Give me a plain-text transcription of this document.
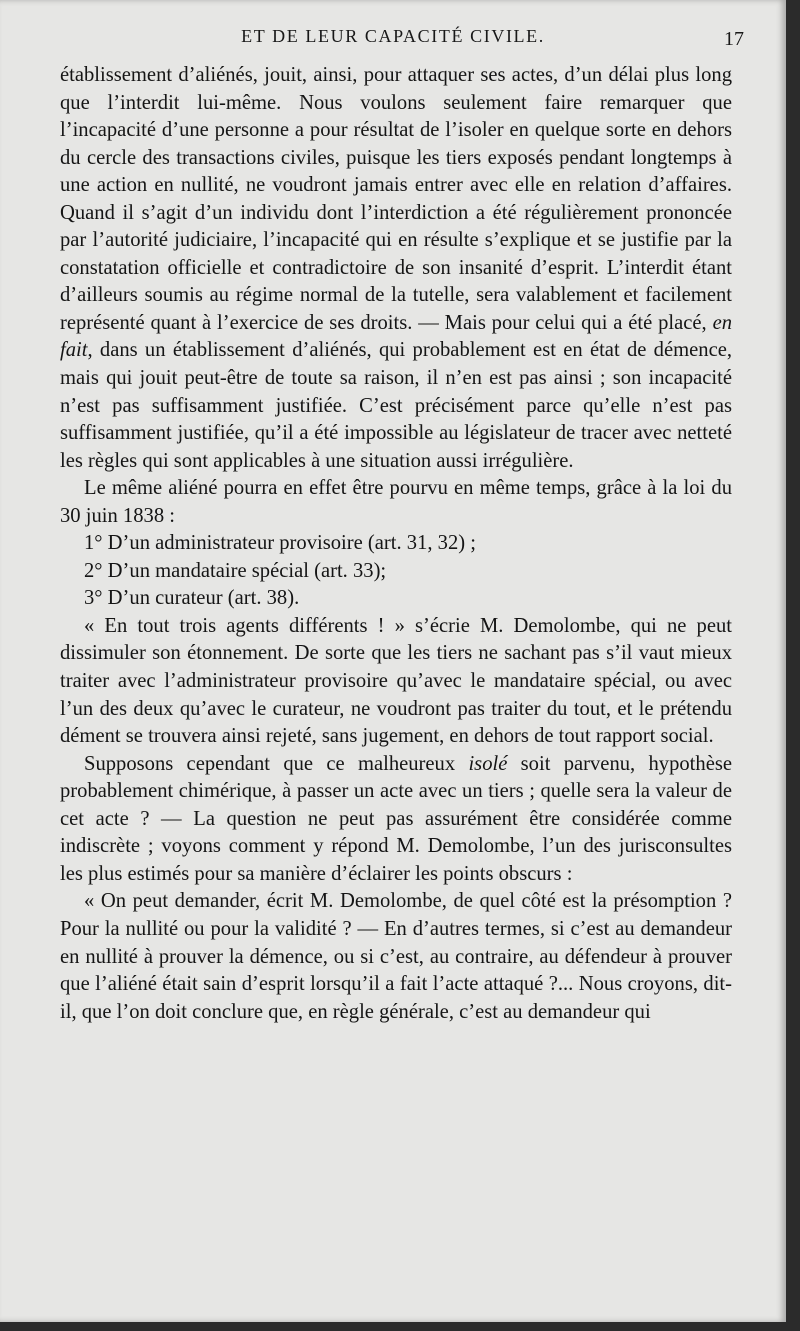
ET DE LEUR CAPACITÉ CIVILE.	17

établissement d’aliénés, jouit, ainsi, pour attaquer ses actes, d’un délai plus long que l’interdit lui-même. Nous voulons seulement faire remarquer que l’incapacité d’une personne a pour résultat de l’isoler en quelque sorte en dehors du cercle des transactions civiles, puisque les tiers exposés pendant longtemps à une action en nullité, ne voudront jamais entrer avec elle en relation d’affaires. Quand il s’agit d’un individu dont l’interdiction a été régulièrement prononcée par l’autorité judiciaire, l’incapacité qui en résulte s’explique et se justifie par la constatation officielle et contradictoire de son insanité d’esprit. L’interdit étant d’ailleurs soumis au régime normal de la tutelle, sera valablement et facilement représenté quant à l’exercice de ses droits. — Mais pour celui qui a été placé, en fait, dans un établissement d’aliénés, qui probablement est en état de démence, mais qui jouit peut-être de toute sa raison, il n’en est pas ainsi ; son incapacité n’est pas suffisamment justifiée. C’est précisément parce qu’elle n’est pas suffisamment justifiée, qu’il a été impossible au législateur de tracer avec netteté les règles qui sont applicables à une situation aussi irrégulière.

Le même aliéné pourra en effet être pourvu en même temps, grâce à la loi du 30 juin 1838 :

1° D’un administrateur provisoire (art. 31, 32) ;

2° D’un mandataire spécial (art. 33);

3° D’un curateur (art. 38).

« En tout trois agents différents ! » s’écrie M. Demolombe, qui ne peut dissimuler son étonnement. De sorte que les tiers ne sachant pas s’il vaut mieux traiter avec l’administrateur provisoire qu’avec le mandataire spécial, ou avec l’un des deux qu’avec le curateur, ne voudront pas traiter du tout, et le prétendu dément se trouvera ainsi rejeté, sans jugement, en dehors de tout rapport social.

Supposons cependant que ce malheureux isolé soit parvenu, hypothèse probablement chimérique, à passer un acte avec un tiers ; quelle sera la valeur de cet acte ? — La question ne peut pas assurément être considérée comme indiscrète ; voyons comment y répond M. Demolombe, l’un des jurisconsultes les plus estimés pour sa manière d’éclairer les points obscurs :

« On peut demander, écrit M. Demolombe, de quel côté est la présomption ? Pour la nullité ou pour la validité ? — En d’autres termes, si c’est au demandeur en nullité à prouver la démence, ou si c’est, au contraire, au défendeur à prouver que l’aliéné était sain d’esprit lorsqu’il a fait l’acte attaqué ?... Nous croyons, dit-il, que l’on doit conclure que, en règle générale, c’est au demandeur qui
